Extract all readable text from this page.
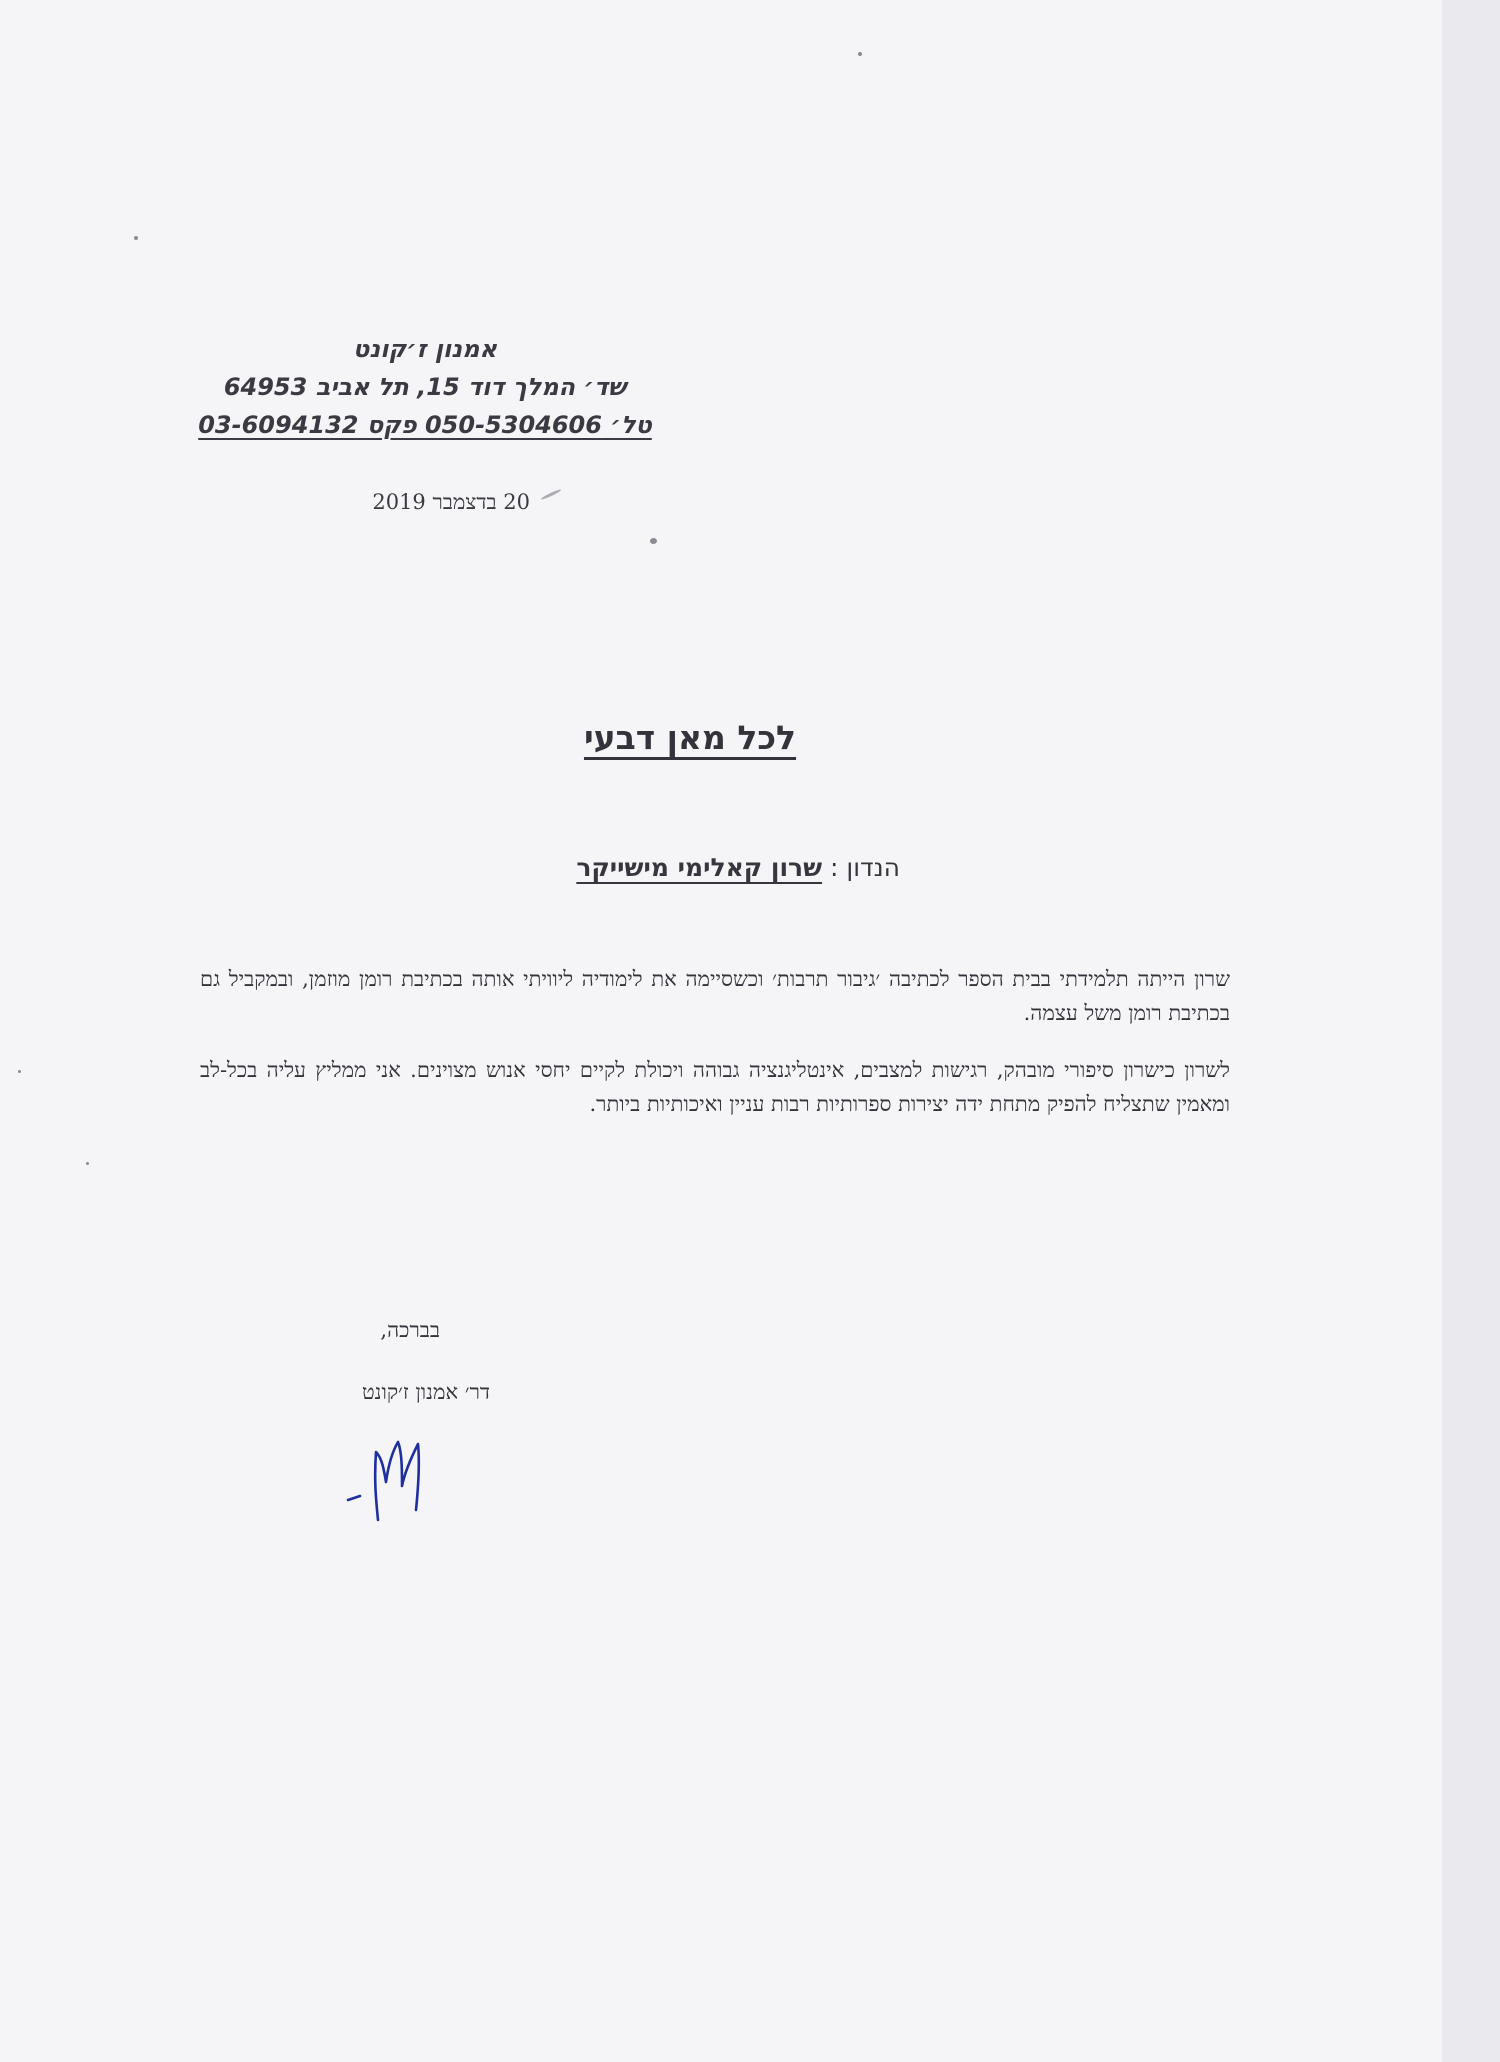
אמנון ז׳קונט
שד׳ המלך דוד 15, תל אביב 64953
טל׳ 050-5304606 פקס 03-6094132
20 בדצמבר 2019
לכל מאן דבעי
הנדון : שרון קאלימי מישייקר
שרון הייתה תלמידתי בבית הספר לכתיבה ׳גיבור תרבות׳ וכשסיימה את לימודיה ליוויתי אותה בכתיבת רומן מוזמן, ובמקביל גם בכתיבת רומן משל עצמה.
לשרון כישרון סיפורי מובהק, רגישות למצבים, אינטליגנציה גבוהה ויכולת לקיים יחסי אנוש מצוינים. אני ממליץ עליה בכל-לב ומאמין שתצליח להפיק מתחת ידה יצירות ספרותיות רבות עניין ואיכותיות ביותר.
בברכה,
דר׳ אמנון ז׳קונט
